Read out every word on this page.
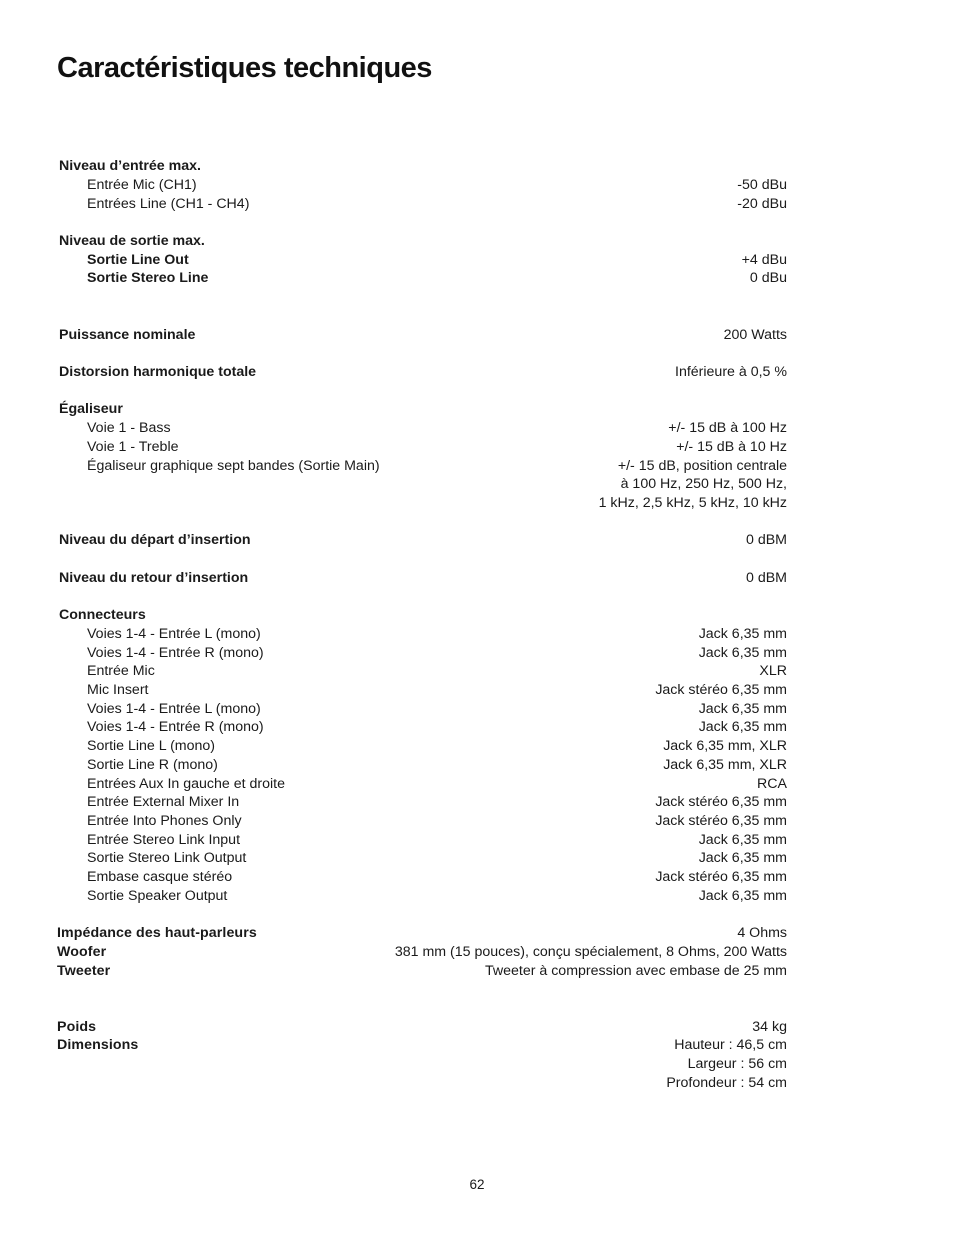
Caractéristiques techniques
Niveau d’entrée max.
Entrée Mic (CH1)	-50 dBu
Entrées Line (CH1 - CH4)	-20 dBu
Niveau de sortie max.
Sortie Line Out	+4 dBu
Sortie Stereo Line	0 dBu
Puissance nominale	200 Watts
Distorsion harmonique totale	Inférieure à 0,5 %
Égaliseur
Voie 1 - Bass	+/- 15 dB à 100 Hz
Voie 1 - Treble	+/- 15 dB à 10 Hz
Égaliseur graphique sept bandes (Sortie Main)	+/- 15 dB, position centrale
à 100 Hz, 250 Hz, 500 Hz,
1 kHz, 2,5 kHz, 5 kHz, 10 kHz
Niveau du départ d’insertion	0 dBM
Niveau du retour d’insertion	0 dBM
Connecteurs
Voies 1-4 - Entrée L (mono)	Jack 6,35 mm
Voies 1-4 - Entrée R (mono)	Jack 6,35 mm
Entrée Mic	XLR
Mic Insert	Jack stéréo 6,35 mm
Voies 1-4 - Entrée L (mono)	Jack 6,35 mm
Voies 1-4 - Entrée R (mono)	Jack 6,35 mm
Sortie Line L (mono)	Jack 6,35 mm, XLR
Sortie Line R (mono)	Jack 6,35 mm, XLR
Entrées Aux In gauche et droite	RCA
Entrée External Mixer In	Jack stéréo 6,35 mm
Entrée Into Phones Only	Jack stéréo 6,35 mm
Entrée Stereo Link Input	Jack 6,35 mm
Sortie Stereo Link Output	Jack 6,35 mm
Embase casque stéréo	Jack stéréo 6,35 mm
Sortie Speaker Output	Jack 6,35 mm
Impédance des haut-parleurs	4 Ohms
Woofer	381 mm (15 pouces), conçu spécialement, 8 Ohms, 200 Watts
Tweeter	Tweeter à compression avec embase de 25 mm
Poids	34 kg
Dimensions	Hauteur : 46,5 cm
Largeur : 56 cm
Profondeur : 54 cm
62
